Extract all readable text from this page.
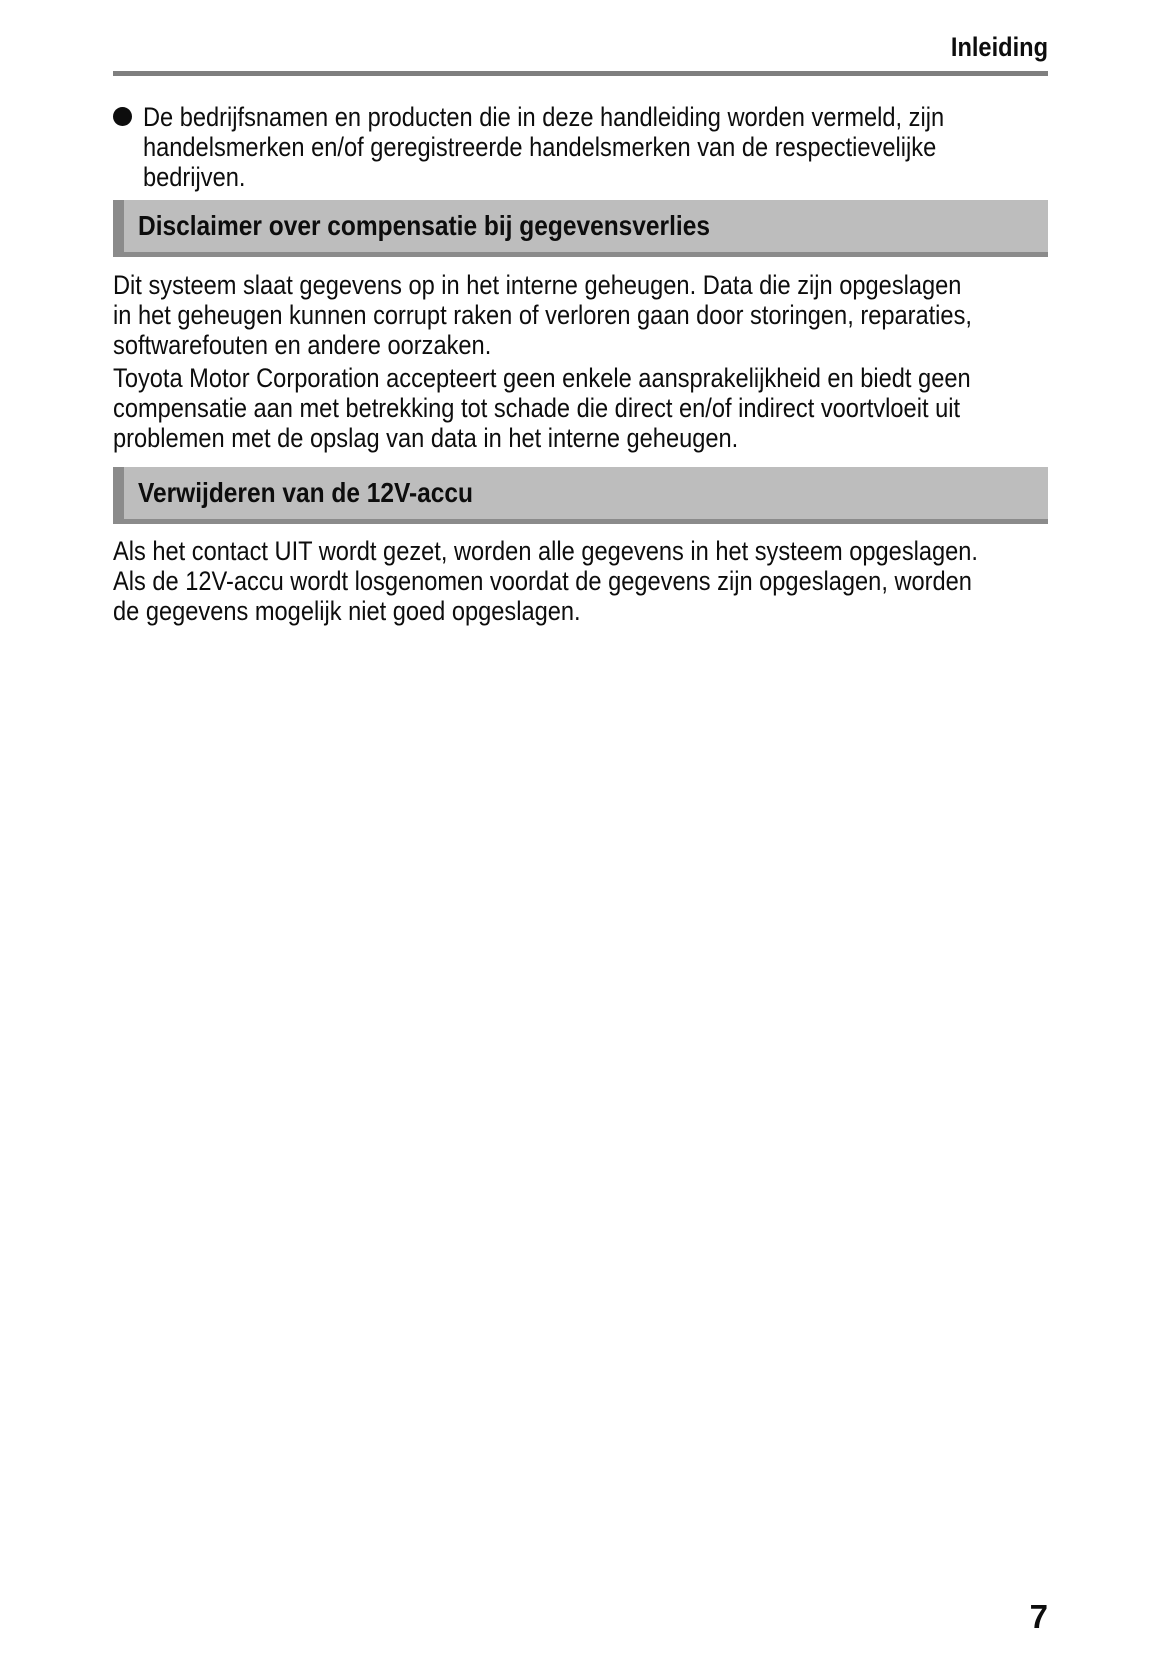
Inleiding
De bedrijfsnamen en producten die in deze handleiding worden vermeld, zijn
handelsmerken en/of geregistreerde handelsmerken van de respectievelijke
bedrijven.
Disclaimer over compensatie bij gegevensverlies
Dit systeem slaat gegevens op in het interne geheugen. Data die zijn opgeslagen
in het geheugen kunnen corrupt raken of verloren gaan door storingen, reparaties,
softwarefouten en andere oorzaken.
Toyota Motor Corporation accepteert geen enkele aansprakelijkheid en biedt geen
compensatie aan met betrekking tot schade die direct en/of indirect voortvloeit uit
problemen met de opslag van data in het interne geheugen.
Verwijderen van de 12V-accu
Als het contact UIT wordt gezet, worden alle gegevens in het systeem opgeslagen.
Als de 12V-accu wordt losgenomen voordat de gegevens zijn opgeslagen, worden
de gegevens mogelijk niet goed opgeslagen.
7
